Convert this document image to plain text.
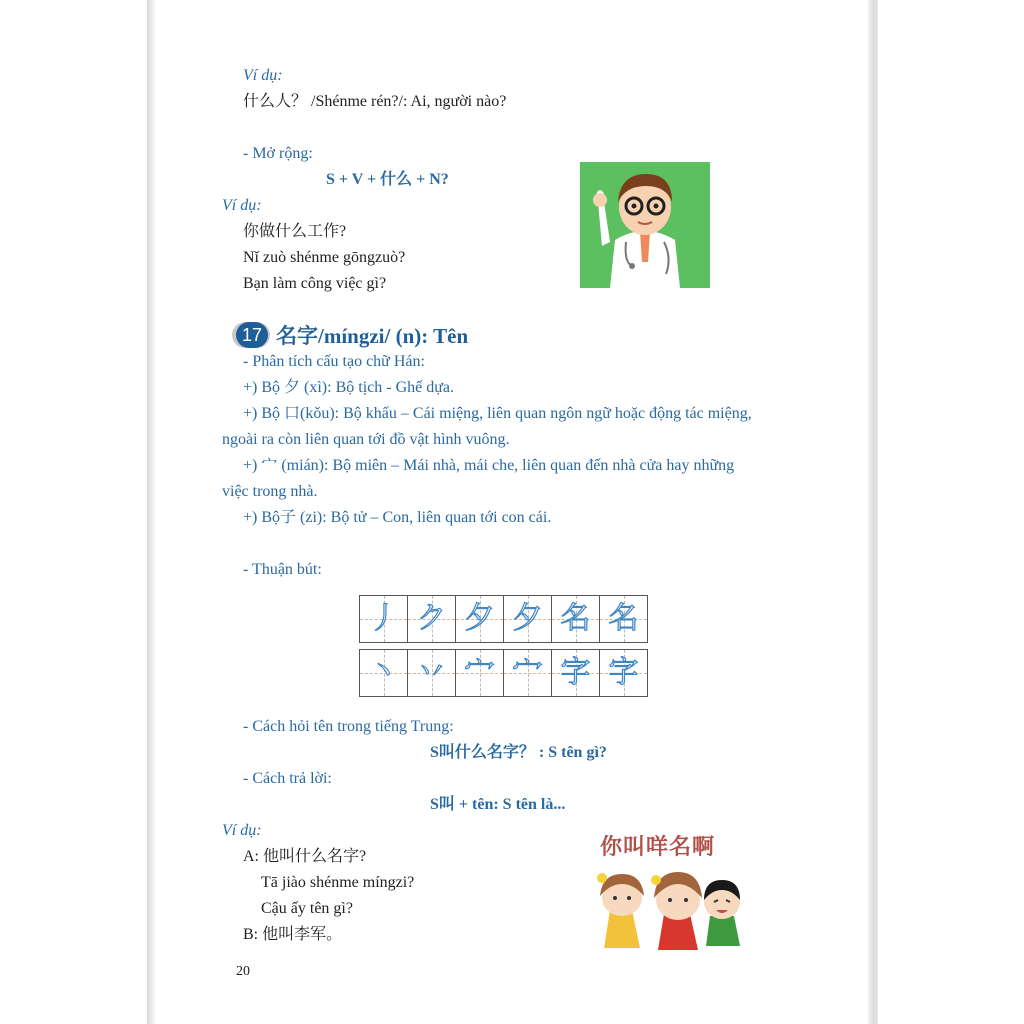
Ví dụ:
什么人？ /Shénme rén?/: Ai, người nào?
- Mở rộng:
S + V + 什么 + N?
Ví dụ:
你做什么工作?
Nǐ zuò shénme gōngzuò?
Bạn làm công việc gì?
17 名字/míngzi/ (n): Tên
- Phân tích cấu tạo chữ Hán:
+) Bộ 夕 (xì): Bộ tịch - Ghế dựa.
+) Bộ 口(kǒu): Bộ khẩu – Cái miệng, liên quan ngôn ngữ hoặc động tác miệng,
ngoài ra còn liên quan tới đồ vật hình vuông.
+) 宀 (mián): Bộ miên – Mái nhà, mái che, liên quan đến nhà cửa hay những
việc trong nhà.
+) Bộ子 (zi): Bộ tử – Con, liên quan tới con cái.
- Thuận bút:
丿 ク 夕 夕 名 名
丶 丷 宀 宀 字 字
- Cách hỏi tên trong tiếng Trung:
S叫什么名字？ : S tên gì?
- Cách trả lời:
S叫 + tên: S tên là...
Ví dụ:
A: 他叫什么名字?
Tā jiào shénme míngzi?
Cậu ấy tên gì?
B: 他叫李军。
你叫咩名啊
20
